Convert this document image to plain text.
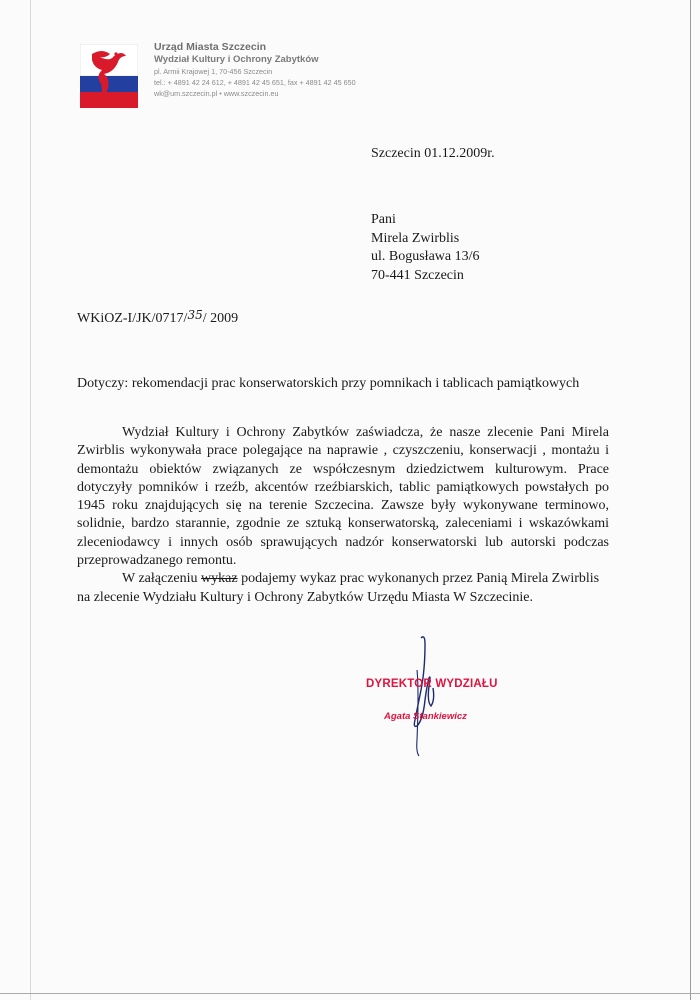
Urząd Miasta Szczecin
Wydział Kultury i Ochrony Zabytków
pl. Armii Krajowej 1, 70-456 Szczecin
tel.: + 4891 42 24 612, + 4891 42 45 651, fax + 4891 42 45 650
wk@um.szczecin.pl • www.szczecin.eu
Szczecin 01.12.2009r.
Pani
Mirela Zwirblis
ul. Bogusława 13/6
70-441 Szczecin
WKiOZ-I/JK/0717/35/ 2009
Dotyczy: rekomendacji prac konserwatorskich przy pomnikach i tablicach pamiątkowych

Wydział Kultury i Ochrony Zabytków zaświadcza, że nasze zlecenie Pani Mirela Zwirblis wykonywała prace polegające na naprawie , czyszczeniu, konserwacji , montażu i demontażu obiektów związanych ze współczesnym dziedzictwem kulturowym. Prace dotyczyły pomników i rzeźb, akcentów rzeźbiarskich, tablic pamiątkowych powstałych po 1945 roku znajdujących się na terenie Szczecina. Zawsze były wykonywane terminowo, solidnie, bardzo starannie, zgodnie ze sztuką konserwatorską, zaleceniami i wskazówkami zleceniodawcy i innych osób sprawujących nadzór konserwatorski lub autorski podczas przeprowadzanego remontu.

W załączeniu wykaz podajemy wykaz prac wykonanych przez Panią Mirela Zwirblis na zlecenie Wydziału Kultury i Ochrony Zabytków Urzędu Miasta W Szczecinie.

DYREKTOR WYDZIAŁU
Agata Stankiewicz
